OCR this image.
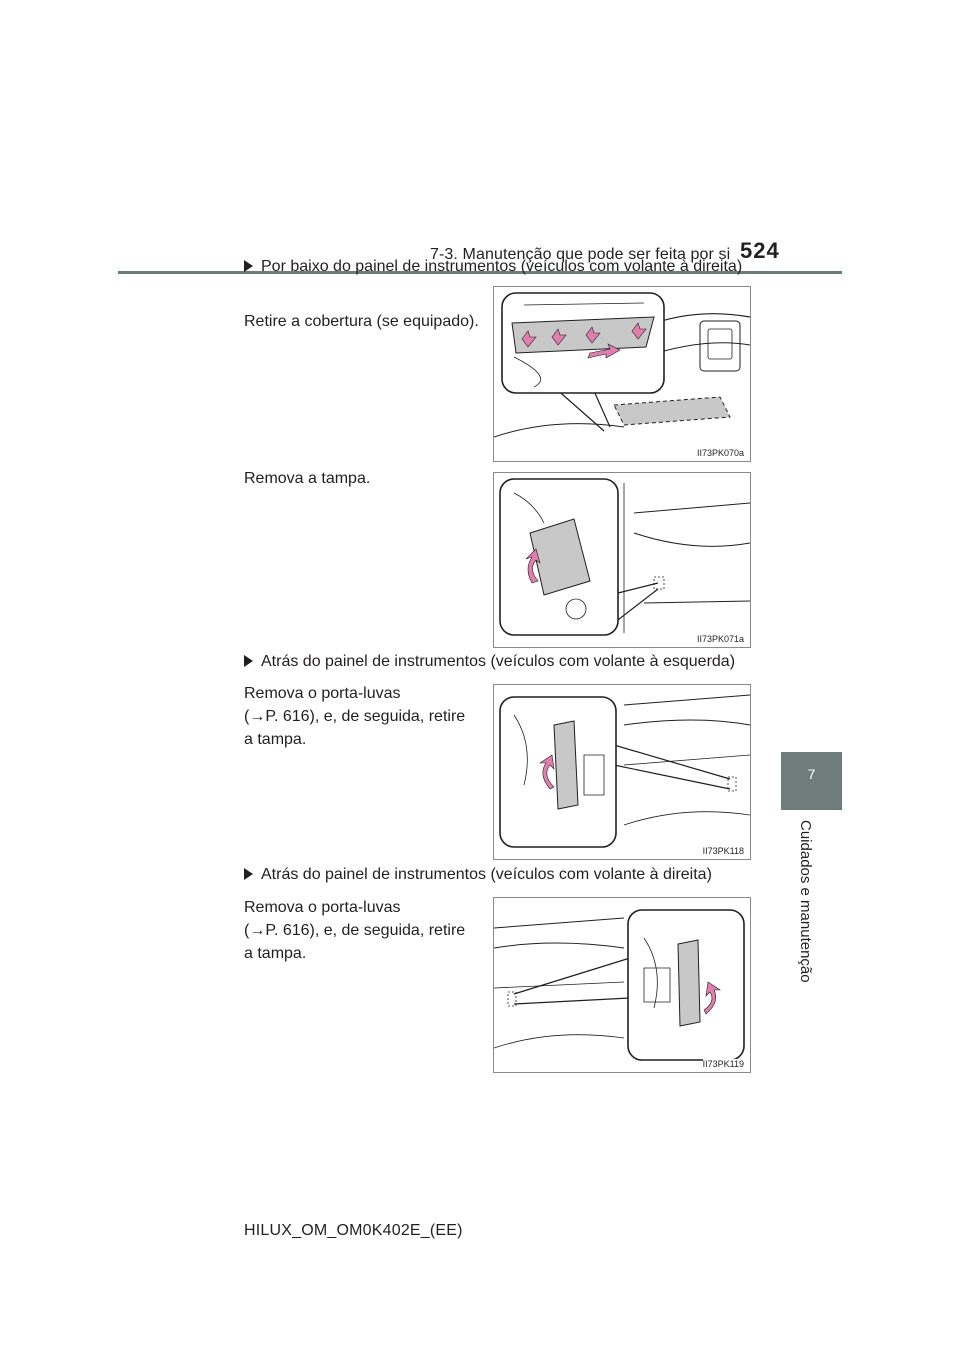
7-3. Manutenção que pode ser feita por si 524
7
Cuidados e manutenção
Por baixo do painel de instrumentos (veículos com volante à direita)
Retire a cobertura (se equipado).
II73PK070a
Remova a tampa.
II73PK071a
Atrás do painel de instrumentos (veículos com volante à esquerda)
Remova o porta-luvas
(→P. 616), e, de seguida, retire
a tampa.
II73PK118
Atrás do painel de instrumentos (veículos com volante à direita)
Remova o porta-luvas
(→P. 616), e, de seguida, retire
a tampa.
II73PK119
HILUX_OM_OM0K402E_(EE)
